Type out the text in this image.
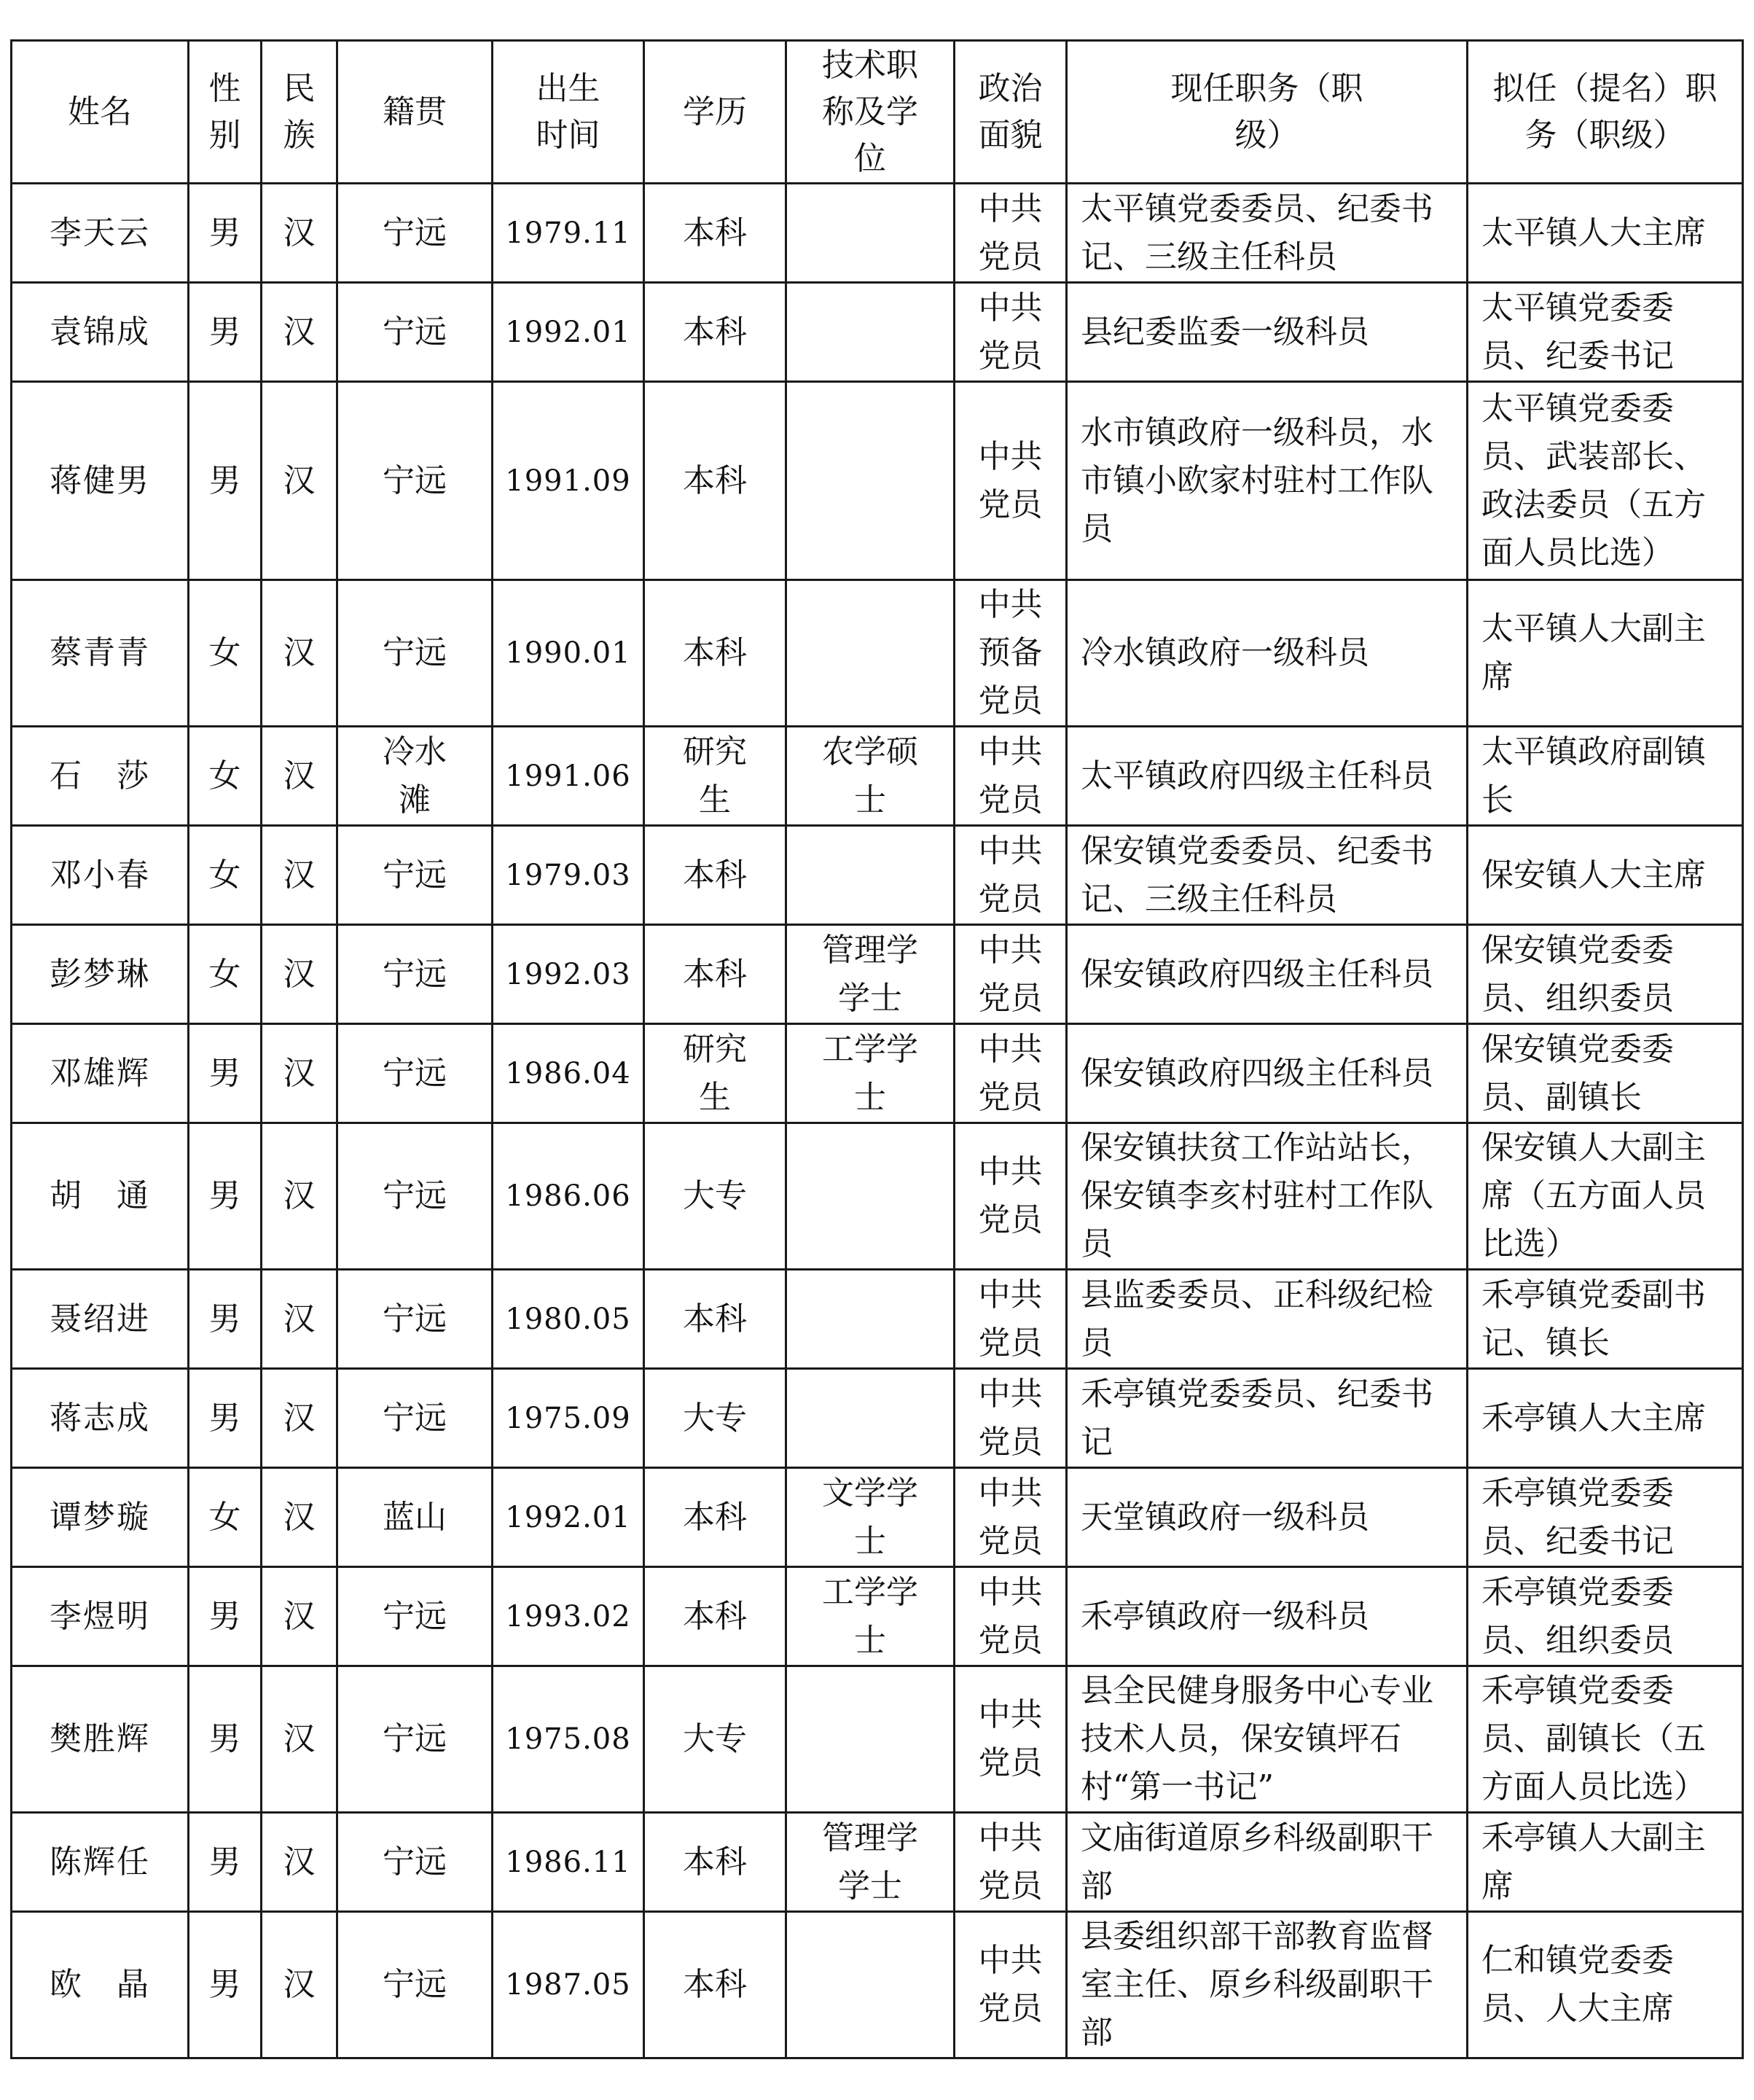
姓名	性别	民族	籍贯	出生时间	学历	技术职称及学位	政治面貌	现任职务（职级）	拟任（提名）职务（职级）
李天云	男	汉	宁远	1979.11	本科		中共党员	太平镇党委委员、纪委书记、三级主任科员	太平镇人大主席
袁锦成	男	汉	宁远	1992.01	本科		中共党员	县纪委监委一级科员	太平镇党委委员、纪委书记
蒋健男	男	汉	宁远	1991.09	本科		中共党员	水市镇政府一级科员，水市镇小欧家村驻村工作队员	太平镇党委委员、武装部长、政法委员（五方面人员比选）
蔡青青	女	汉	宁远	1990.01	本科		中共预备党员	冷水镇政府一级科员	太平镇人大副主席
石　莎	女	汉	冷水滩	1991.06	研究生	农学硕士	中共党员	太平镇政府四级主任科员	太平镇政府副镇长
邓小春	女	汉	宁远	1979.03	本科		中共党员	保安镇党委委员、纪委书记、三级主任科员	保安镇人大主席
彭梦琳	女	汉	宁远	1992.03	本科	管理学学士	中共党员	保安镇政府四级主任科员	保安镇党委委员、组织委员
邓雄辉	男	汉	宁远	1986.04	研究生	工学学士	中共党员	保安镇政府四级主任科员	保安镇党委委员、副镇长
胡　通	男	汉	宁远	1986.06	大专		中共党员	保安镇扶贫工作站站长，保安镇李亥村驻村工作队员	保安镇人大副主席（五方面人员比选）
聂绍进	男	汉	宁远	1980.05	本科		中共党员	县监委委员、正科级纪检员	禾亭镇党委副书记、镇长
蒋志成	男	汉	宁远	1975.09	大专		中共党员	禾亭镇党委委员、纪委书记	禾亭镇人大主席
谭梦璇	女	汉	蓝山	1992.01	本科	文学学士	中共党员	天堂镇政府一级科员	禾亭镇党委委员、纪委书记
李煜明	男	汉	宁远	1993.02	本科	工学学士	中共党员	禾亭镇政府一级科员	禾亭镇党委委员、组织委员
樊胜辉	男	汉	宁远	1975.08	大专		中共党员	县全民健身服务中心专业技术人员，保安镇坪石村“第一书记”	禾亭镇党委委员、副镇长（五方面人员比选）
陈辉任	男	汉	宁远	1986.11	本科	管理学学士	中共党员	文庙街道原乡科级副职干部	禾亭镇人大副主席
欧　晶	男	汉	宁远	1987.05	本科		中共党员	县委组织部干部教育监督室主任、原乡科级副职干部	仁和镇党委委员、人大主席
